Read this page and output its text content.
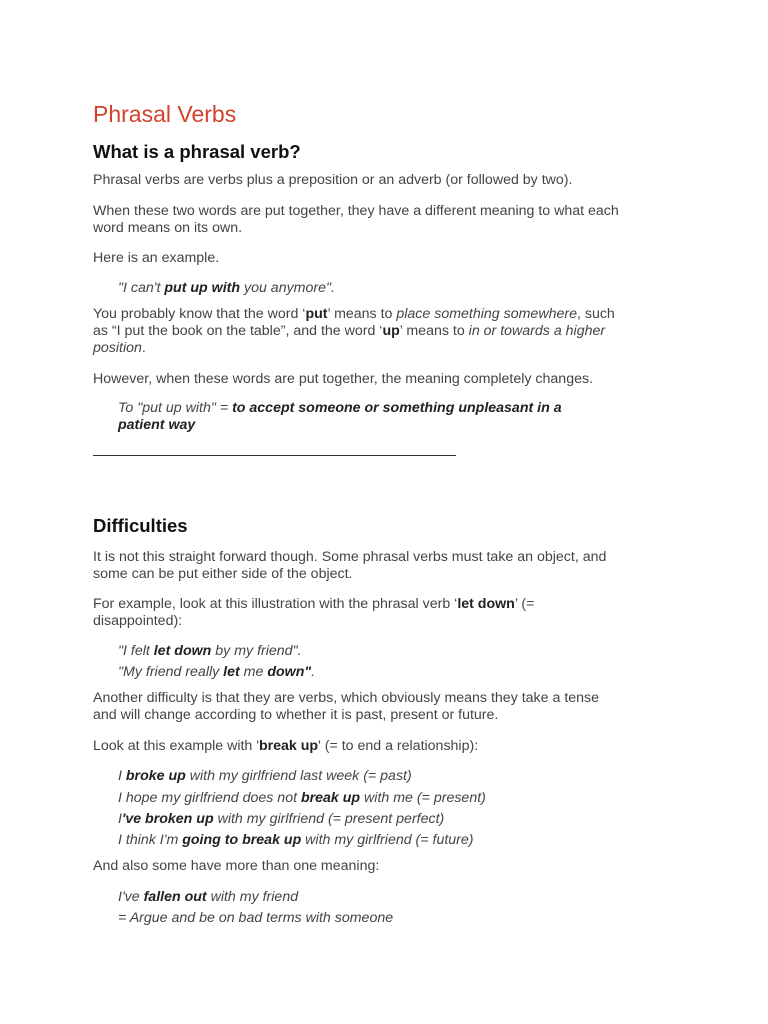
Phrasal Verbs
What is a phrasal verb?

Phrasal verbs are verbs plus a preposition or an adverb (or followed by two).

When these two words are put together, they have a different meaning to what each

word means on its own.

Here is an example.

"I can't put up with you anymore".

You probably know that the word ‘put’ means to place something somewhere, such

as “I put the book on the table”, and the word ‘up’ means to in or towards a higher

position.

However, when these words are put together, the meaning completely changes.

To "put up with" = to accept someone or something unpleasant in a

patient way

Difficulties

It is not this straight forward though. Some phrasal verbs must take an object, and

some can be put either side of the object.

For example, look at this illustration with the phrasal verb ‘let down’ (=

disappointed):

"I felt let down by my friend".

"My friend really let me down".

Another difficulty is that they are verbs, which obviously means they take a tense

and will change according to whether it is past, present or future.

Look at this example with 'break up' (= to end a relationship):

I broke up with my girlfriend last week (= past)

I hope my girlfriend does not break up with me (= present)

I've broken up with my girlfriend (= present perfect)

I think I'm going to break up with my girlfriend (= future)

And also some have more than one meaning:

I've fallen out with my friend

= Argue and be on bad terms with someone
